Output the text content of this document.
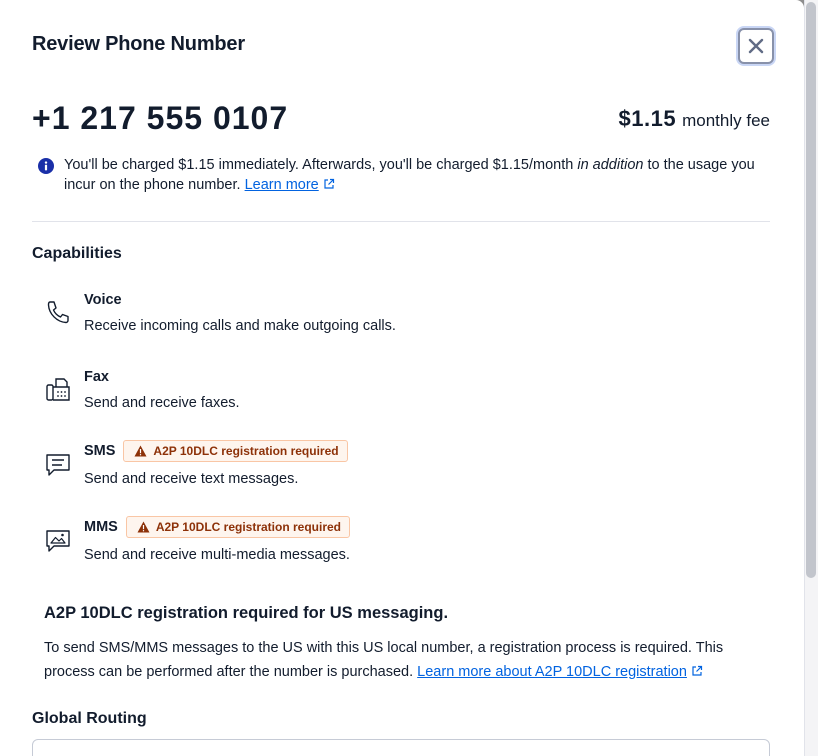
Review Phone Number
+1 217 555 0107	$1.15 monthly fee

You'll be charged $1.15 immediately. Afterwards, you'll be charged $1.15/month in addition to the usage you incur on the phone number. Learn more

Capabilities
Voice
Receive incoming calls and make outgoing calls.
Fax
Send and receive faxes.
SMS	A2P 10DLC registration required
Send and receive text messages.
MMS	A2P 10DLC registration required
Send and receive multi-media messages.
A2P 10DLC registration required for US messaging.

To send SMS/MMS messages to the US with this US local number, a registration process is required. This process can be performed after the number is purchased. Learn more about A2P 10DLC registration

Global Routing
